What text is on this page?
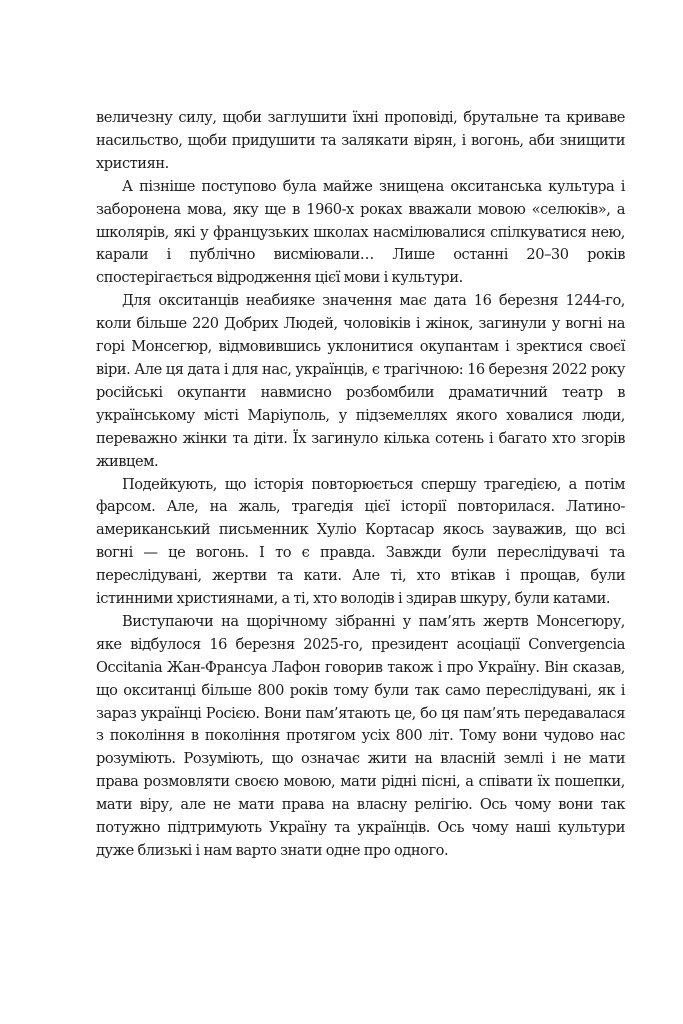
величезну силу, щоби заглушити їхні проповіді, брутальне та криваве насильство, щоби придушити та залякати вірян, і вогонь, аби знищити християн.

А пізніше поступово була майже знищена окситанська культура і заборонена мова, яку ще в 1960-х роках вважали мовою «селюків», а школярів, які у французьких школах насмілювалися спілкуватися нею, карали і публічно висміювали… Лише останні 20–30 років спостерігається відродження цієї мови і культури.

Для окситанців неабияке значення має дата 16 березня 1244-го, коли більше 220 Добрих Людей, чоловіків і жінок, загинули у вогні на горі Монсегюр, відмовившись уклонитися окупантам і зректися своєї віри. Але ця дата і для нас, українців, є трагічною: 16 березня 2022 року російські окупанти навмисно розбомбили драматичний театр в українському місті Маріуполь, у підземеллях якого ховалися люди, переважно жінки та діти. Їх загинуло кілька сотень і багато хто згорів живцем.

Подейкують, що історія повторюється спершу трагедією, а потім фарсом. Але, на жаль, трагедія цієї історії повторилася. Латино-американський письменник Хуліо Кортасар якось зауважив, що всі вогні — це вогонь. І то є правда. Завжди були переслідувачі та переслідувані, жертви та кати. Але ті, хто втікав і прощав, були істинними християнами, а ті, хто володів і здирав шкуру, були катами.

Виступаючи на щорічному зібранні у пам’ять жертв Монсегюру, яке відбулося 16 березня 2025-го, президент асоціації Convergencia Occitania Жан-Франсуа Лафон говорив також і про Україну. Він сказав, що окситанці більше 800 років тому були так само переслідувані, як і зараз українці Росією. Вони пам’ятають це, бо ця пам’ять передавалася з покоління в покоління протягом усіх 800 літ. Тому вони чудово нас розуміють. Розуміють, що означає жити на власній землі і не мати права розмовляти своєю мовою, мати рідні пісні, а співати їх пошепки, мати віру, але не мати права на власну релігію. Ось чому вони так потужно підтримують Україну та українців. Ось чому наші культури дуже близькі і нам варто знати одне про одного.
